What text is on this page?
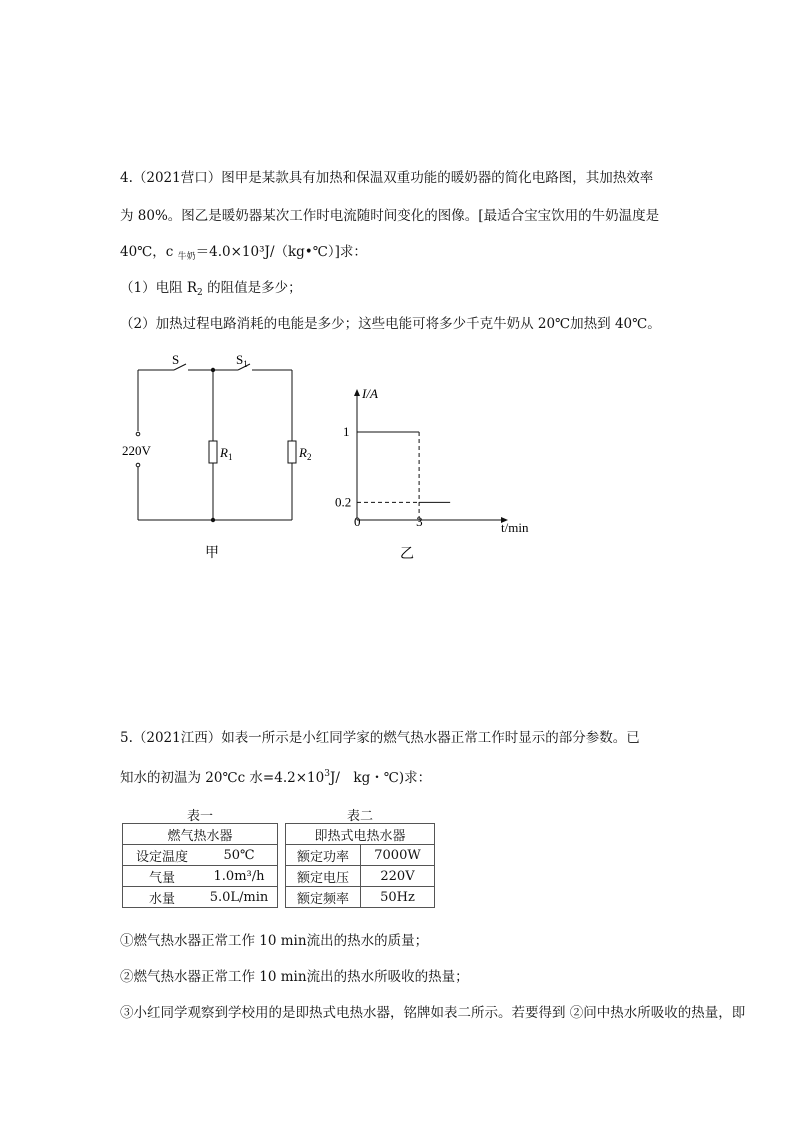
4.（2021营口）图甲是某款具有加热和保温双重功能的暖奶器的简化电路图，其加热效率
为 80%。图乙是暖奶器某次工作时电流随时间变化的图像。[最适合宝宝饮用的牛奶温度是
40℃，c $_{牛奶}$＝4.0×10³J/（kg•℃）]求：
（1）电阻 $R_2$ 的阻值是多少；
（2）加热过程电路消耗的电能是多少；这些电能可将多少千克牛奶从 20℃加热到 40℃。
S	$S_1$
220V	$R_1$	$R_2$
甲
I/A
t/min
1
0.2
0	3
乙
5.（2021江西）如表一所示是小红同学家的燃气热水器正常工作时显示的部分参数。已
知水的初温为 20℃c 水$=4.2\times 10^3J/$　kg・℃)求：
表一
燃气热水器	
设定温度	50℃
气量	1.0m³/h
水量	5.0L/min
表二
即热式电热水器	
额定功率	7000W
额定电压	220V
额定频率	50Hz
①燃气热水器正常工作 10 min流出的热水的质量；
②燃气热水器正常工作 10 min流出的热水所吸收的热量；
③小红同学观察到学校用的是即热式电热水器，铭牌如表二所示。若要得到 ②问中热水所吸收的热量，即
